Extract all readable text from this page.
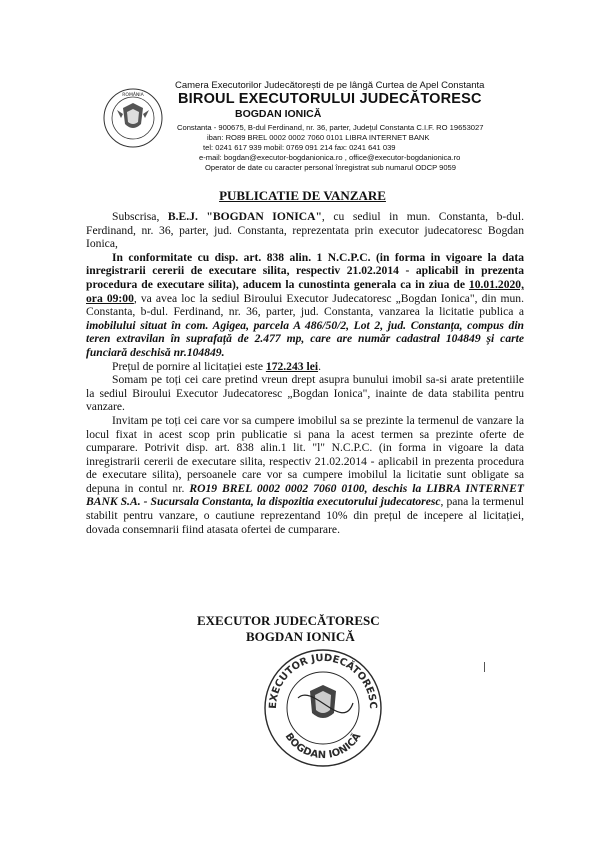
ROMÂNIA
Camera Executorilor Judecătorești de pe lângă Curtea de Apel Constanta
BIROUL EXECUTORULUI JUDECĂTORESC
BOGDAN IONICĂ
Constanta - 900675, B-dul Ferdinand, nr. 36, parter, Județul Constanta C.I.F. RO 19653027
iban: RO89 BREL 0002 0002 7060 0101 LIBRA INTERNET BANK
tel: 0241 617 939 mobil: 0769 091 214 fax: 0241 641 039
e-mail: bogdan@executor-bogdanionica.ro , office@executor-bogdanionica.ro
Operator de date cu caracter personal înregistrat sub numarul ODCP 9059
PUBLICATIE DE VANZARE

Subscrisa, B.E.J. "BOGDAN IONICA", cu sediul in mun. Constanta, b-dul. Ferdinand, nr. 36, parter, jud. Constanta, reprezentata prin executor judecatoresc Bogdan Ionica,

In conformitate cu disp. art. 838 alin. 1 N.C.P.C. (in forma in vigoare la data inregistrarii cererii de executare silita, respectiv 21.02.2014 - aplicabil in prezenta procedura de executare silita), aducem la cunostinta generala ca in ziua de 10.01.2020, ora 09:00, va avea loc la sediul Biroului Executor Judecatoresc „Bogdan Ionica", din mun. Constanta, b-dul. Ferdinand, nr. 36, parter, jud. Constanta, vanzarea la licitatie publica a imobilului situat în com. Agigea, parcela A 486/50/2, Lot 2, jud. Constanța, compus din teren extravilan în suprafață de 2.477 mp, care are număr cadastral 104849 și carte funciară deschisă nr.104849.

Prețul de pornire al licitației este 172.243 lei.

Somam pe toți cei care pretind vreun drept asupra bunului imobil sa-si arate pretentiile la sediul Biroului Executor Judecatoresc „Bogdan Ionica", inainte de data stabilita pentru vanzare.

Invitam pe toți cei care vor sa cumpere imobilul sa se prezinte la termenul de vanzare la locul fixat in acest scop prin publicatie si pana la acest termen sa prezinte oferte de cumparare. Potrivit disp. art. 838 alin.1 lit. "l" N.C.P.C. (in forma in vigoare la data inregistrarii cererii de executare silita, respectiv 21.02.2014 - aplicabil in prezenta procedura de executare silita), persoanele care vor sa cumpere imobilul la licitatie sunt obligate sa depuna in contul nr. RO19 BREL 0002 0002 7060 0100, deschis la LIBRA INTERNET BANK S.A. - Sucursala Constanta, la dispozitia executorului judecatoresc, pana la termenul stabilit pentru vanzare, o cautiune reprezentand 10% din prețul de incepere al licitației, dovada consemnarii fiind atasata ofertei de cumparare.

EXECUTOR JUDECĂTORESC
BOGDAN IONICĂ
EXECUTOR JUDECĂTORESC
BOGDAN IONICĂ
